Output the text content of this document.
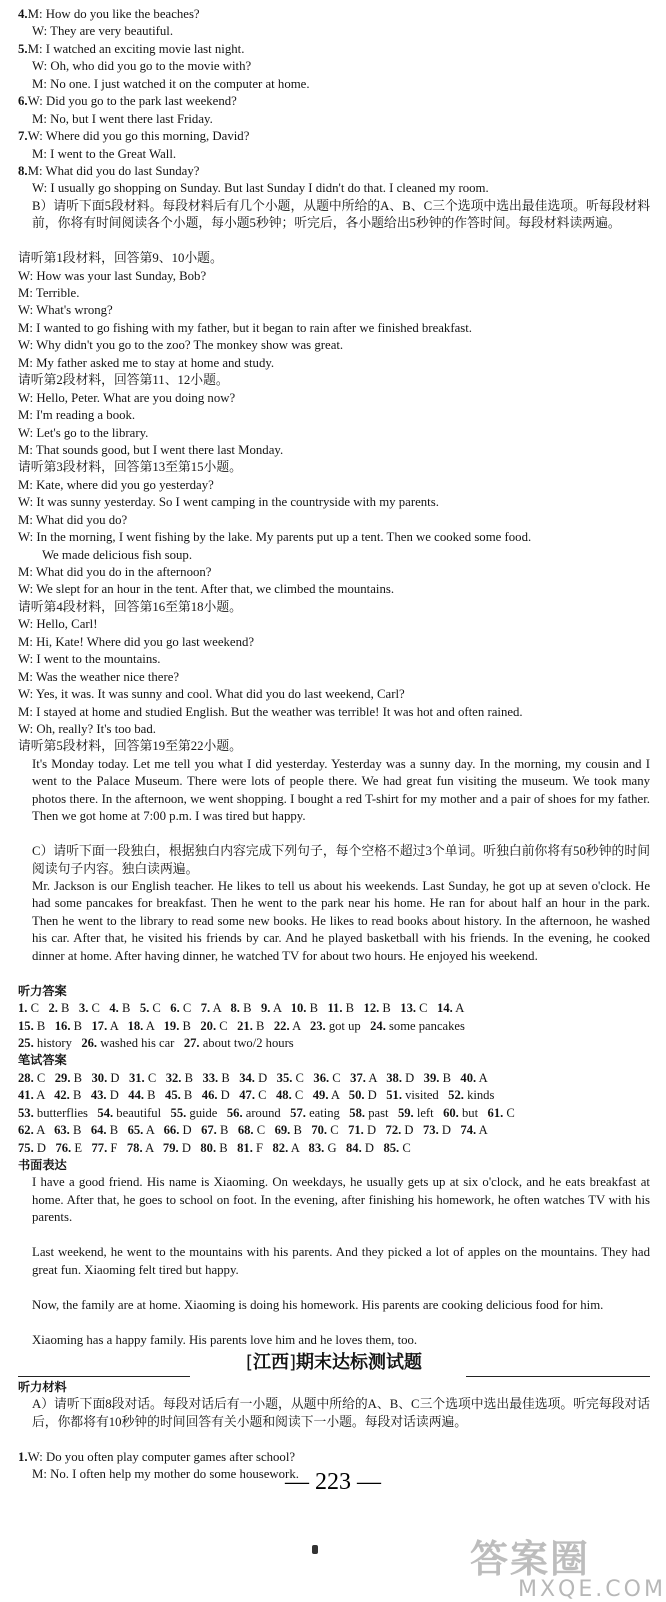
4.M: How do you like the beaches?
W: They are very beautiful.
5.M: I watched an exciting movie last night.
W: Oh, who did you go to the movie with?
M: No one. I just watched it on the computer at home.
6.W: Did you go to the park last weekend?
M: No, but I went there last Friday.
7.W: Where did you go this morning, David?
M: I went to the Great Wall.
8.M: What did you do last Sunday?
W: I usually go shopping on Sunday. But last Sunday I didn't do that. I cleaned my room.
B）请听下面5段材料。每段材料后有几个小题，从题中所给的A、B、C三个选项中选出最佳选项。听每段材料前，你将有时间阅读各个小题，每小题5秒钟；听完后，各小题给出5秒钟的作答时间。每段材料读两遍。
请听第1段材料，回答第9、10小题。
W: How was your last Sunday, Bob?
M: Terrible.
W: What's wrong?
M: I wanted to go fishing with my father, but it began to rain after we finished breakfast.
W: Why didn't you go to the zoo? The monkey show was great.
M: My father asked me to stay at home and study.
请听第2段材料，回答第11、12小题。
W: Hello, Peter. What are you doing now?
M: I'm reading a book.
W: Let's go to the library.
M: That sounds good, but I went there last Monday.
请听第3段材料，回答第13至第15小题。
M: Kate, where did you go yesterday?
W: It was sunny yesterday. So I went camping in the countryside with my parents.
M: What did you do?
W: In the morning, I went fishing by the lake. My parents put up a tent. Then we cooked some food.
We made delicious fish soup.
M: What did you do in the afternoon?
W: We slept for an hour in the tent. After that, we climbed the mountains.
请听第4段材料，回答第16至第18小题。
W: Hello, Carl!
M: Hi, Kate! Where did you go last weekend?
W: I went to the mountains.
M: Was the weather nice there?
W: Yes, it was. It was sunny and cool. What did you do last weekend, Carl?
M: I stayed at home and studied English. But the weather was terrible! It was hot and often rained.
W: Oh, really? It's too bad.
请听第5段材料，回答第19至第22小题。
It's Monday today. Let me tell you what I did yesterday. Yesterday was a sunny day. In the morning, my cousin and I went to the Palace Museum. There were lots of people there. We had great fun visiting the museum. We took many photos there. In the afternoon, we went shopping. I bought a red T-shirt for my mother and a pair of shoes for my father. Then we got home at 7:00 p.m. I was tired but happy.
C）请听下面一段独白，根据独白内容完成下列句子，每个空格不超过3个单词。听独白前你将有50秒钟的时间阅读句子内容。独白读两遍。
Mr. Jackson is our English teacher. He likes to tell us about his weekends. Last Sunday, he got up at seven o'clock. He had some pancakes for breakfast. Then he went to the park near his home. He ran for about half an hour in the park. Then he went to the library to read some new books. He likes to read books about history. In the afternoon, he washed his car. After that, he visited his friends by car. And he played basketball with his friends. In the evening, he cooked dinner at home. After having dinner, he watched TV for about two hours. He enjoyed his weekend.
听力答案
1. C   2. B   3. C   4. B   5. C   6. C   7. A   8. B   9. A   10. B   11. B   12. B   13. C   14. A
15. B   16. B   17. A   18. A   19. B   20. C   21. B   22. A   23. got up   24. some pancakes
25. history   26. washed his car   27. about two/2 hours
笔试答案
28. C   29. B   30. D   31. C   32. B   33. B   34. D   35. C   36. C   37. A   38. D   39. B   40. A
41. A   42. B   43. D   44. B   45. B   46. D   47. C   48. C   49. A   50. D   51. visited   52. kinds
53. butterflies   54. beautiful   55. guide   56. around   57. eating   58. past   59. left   60. but   61. C
62. A   63. B   64. B   65. A   66. D   67. B   68. C   69. B   70. C   71. D   72. D   73. D   74. A
75. D   76. E   77. F   78. A   79. D   80. B   81. F   82. A   83. G   84. D   85. C
书面表达
I have a good friend. His name is Xiaoming. On weekdays, he usually gets up at six o'clock, and he eats breakfast at home. After that, he goes to school on foot. In the evening, after finishing his homework, he often watches TV with his parents.
Last weekend, he went to the mountains with his parents. And they picked a lot of apples on the mountains. They had great fun. Xiaoming felt tired but happy.
Now, the family are at home. Xiaoming is doing his homework. His parents are cooking delicious food for him.
Xiaoming has a happy family. His parents love him and he loves them, too.
[江西]期末达标测试题
听力材料
A）请听下面8段对话。每段对话后有一小题，从题中所给的A、B、C三个选项中选出最佳选项。听完每段对话后，你都将有10秒钟的时间回答有关小题和阅读下一小题。每段对话读两遍。
1.W: Do you often play computer games after school?
M: No. I often help my mother do some housework.
— 223 —
答案圈
MXQE.COM
